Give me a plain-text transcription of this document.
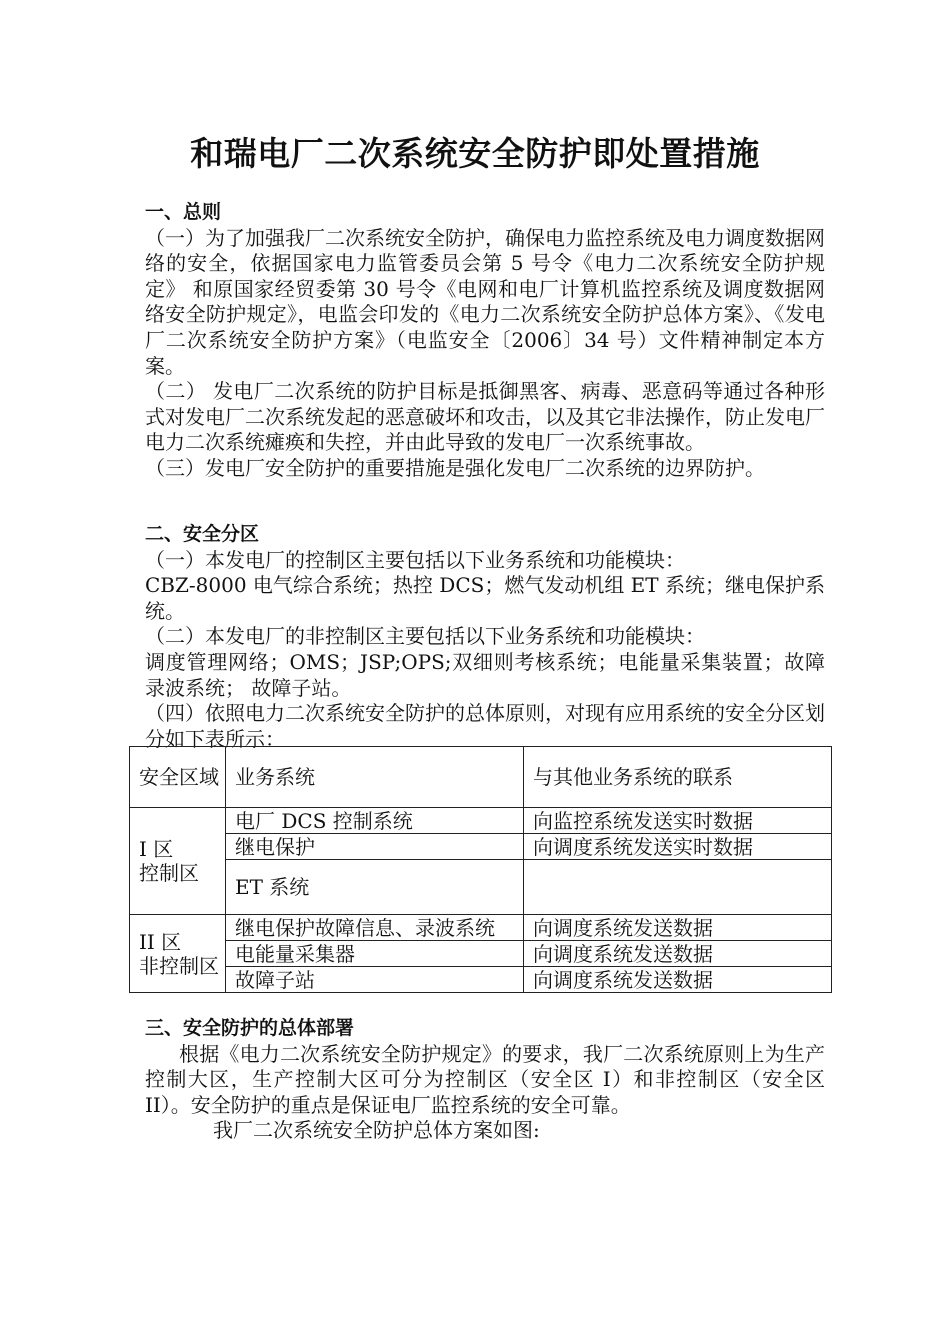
和瑞电厂二次系统安全防护即处置措施
一、总则
（一）为了加强我厂二次系统安全防护，确保电力监控系统及电力调度数据网络的安全，依据国家电力监管委员会第 5 号令《电力二次系统安全防护规定》 和原国家经贸委第 30 号令《电网和电厂计算机监控系统及调度数据网络安全防护规定》，电监会印发的《电力二次系统安全防护总体方案》、《发电厂二次系统安全防护方案》（电监安全〔2006〕34 号）文件精神制定本方案。
（二） 发电厂二次系统的防护目标是抵御黑客、病毒、恶意码等通过各种形式对发电厂二次系统发起的恶意破坏和攻击，以及其它非法操作，防止发电厂电力二次系统瘫痪和失控，并由此导致的发电厂一次系统事故。
（三）发电厂安全防护的重要措施是强化发电厂二次系统的边界防护。
二、安全分区
（一）本发电厂的控制区主要包括以下业务系统和功能模块：
CBZ-8000 电气综合系统；热控 DCS；燃气发动机组 ET 系统；继电保护系统。
（二）本发电厂的非控制区主要包括以下业务系统和功能模块：
调度管理网络；OMS；JSP;OPS;双细则考核系统；电能量采集装置；故障录波系统； 故障子站。
（四）依照电力二次系统安全防护的总体原则，对现有应用系统的安全分区划分如下表所示：
安全区域	业务系统	与其他业务系统的联系

I 区
控制区	电厂 DCS 控制系统	向监控系统发送实时数据
	继电保护	向调度系统发送实时数据
	ET 系统	

II 区
非控制区	继电保护故障信息、录波系统	向调度系统发送数据
	电能量采集器	向调度系统发送数据
	故障子站	向调度系统发送数据
三、安全防护的总体部署
根据《电力二次系统安全防护规定》的要求，我厂二次系统原则上为生产控制大区，生产控制大区可分为控制区（安全区 I）和非控制区（安全区 II）。安全防护的重点是保证电厂监控系统的安全可靠。
我厂二次系统安全防护总体方案如图:
